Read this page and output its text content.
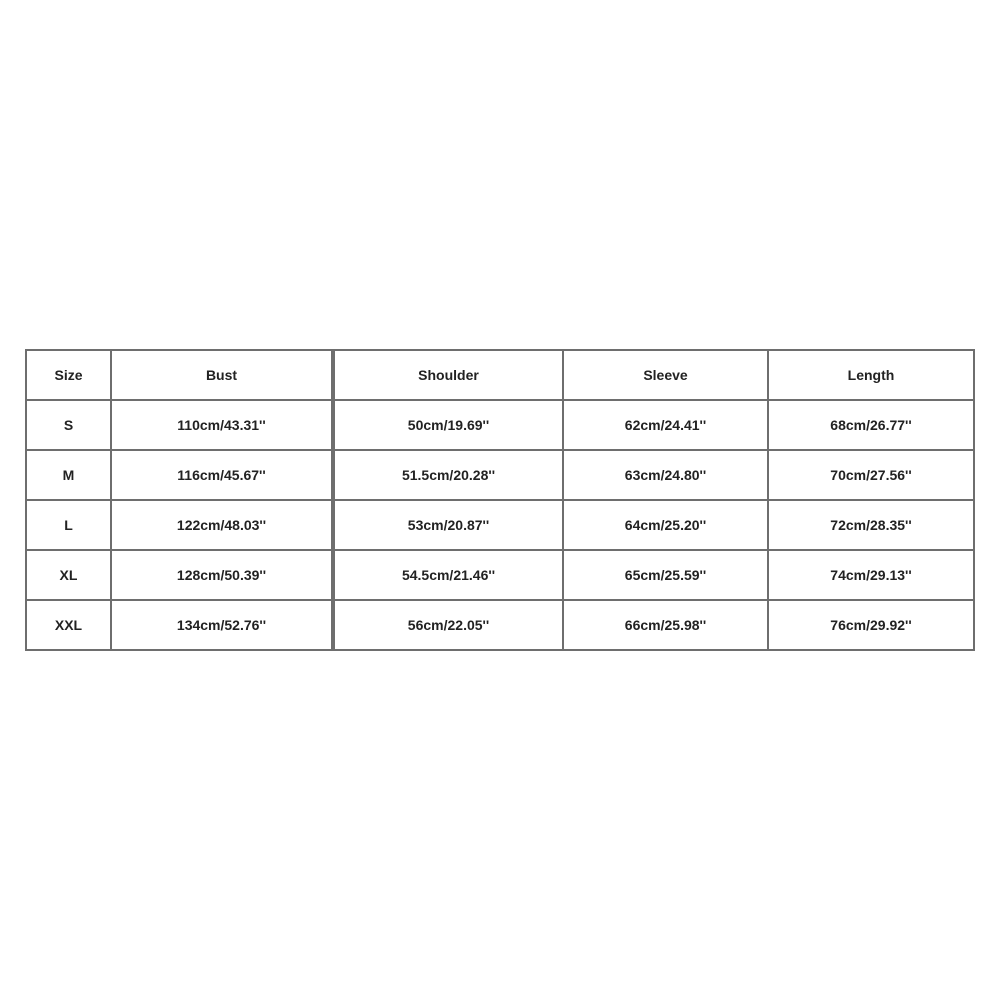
Size	Bust	Shoulder	Sleeve	Length
S	110cm/43.31''	50cm/19.69''	62cm/24.41''	68cm/26.77''
M	116cm/45.67''	51.5cm/20.28''	63cm/24.80''	70cm/27.56''
L	122cm/48.03''	53cm/20.87''	64cm/25.20''	72cm/28.35''
XL	128cm/50.39''	54.5cm/21.46''	65cm/25.59''	74cm/29.13''
XXL	134cm/52.76''	56cm/22.05''	66cm/25.98''	76cm/29.92''
